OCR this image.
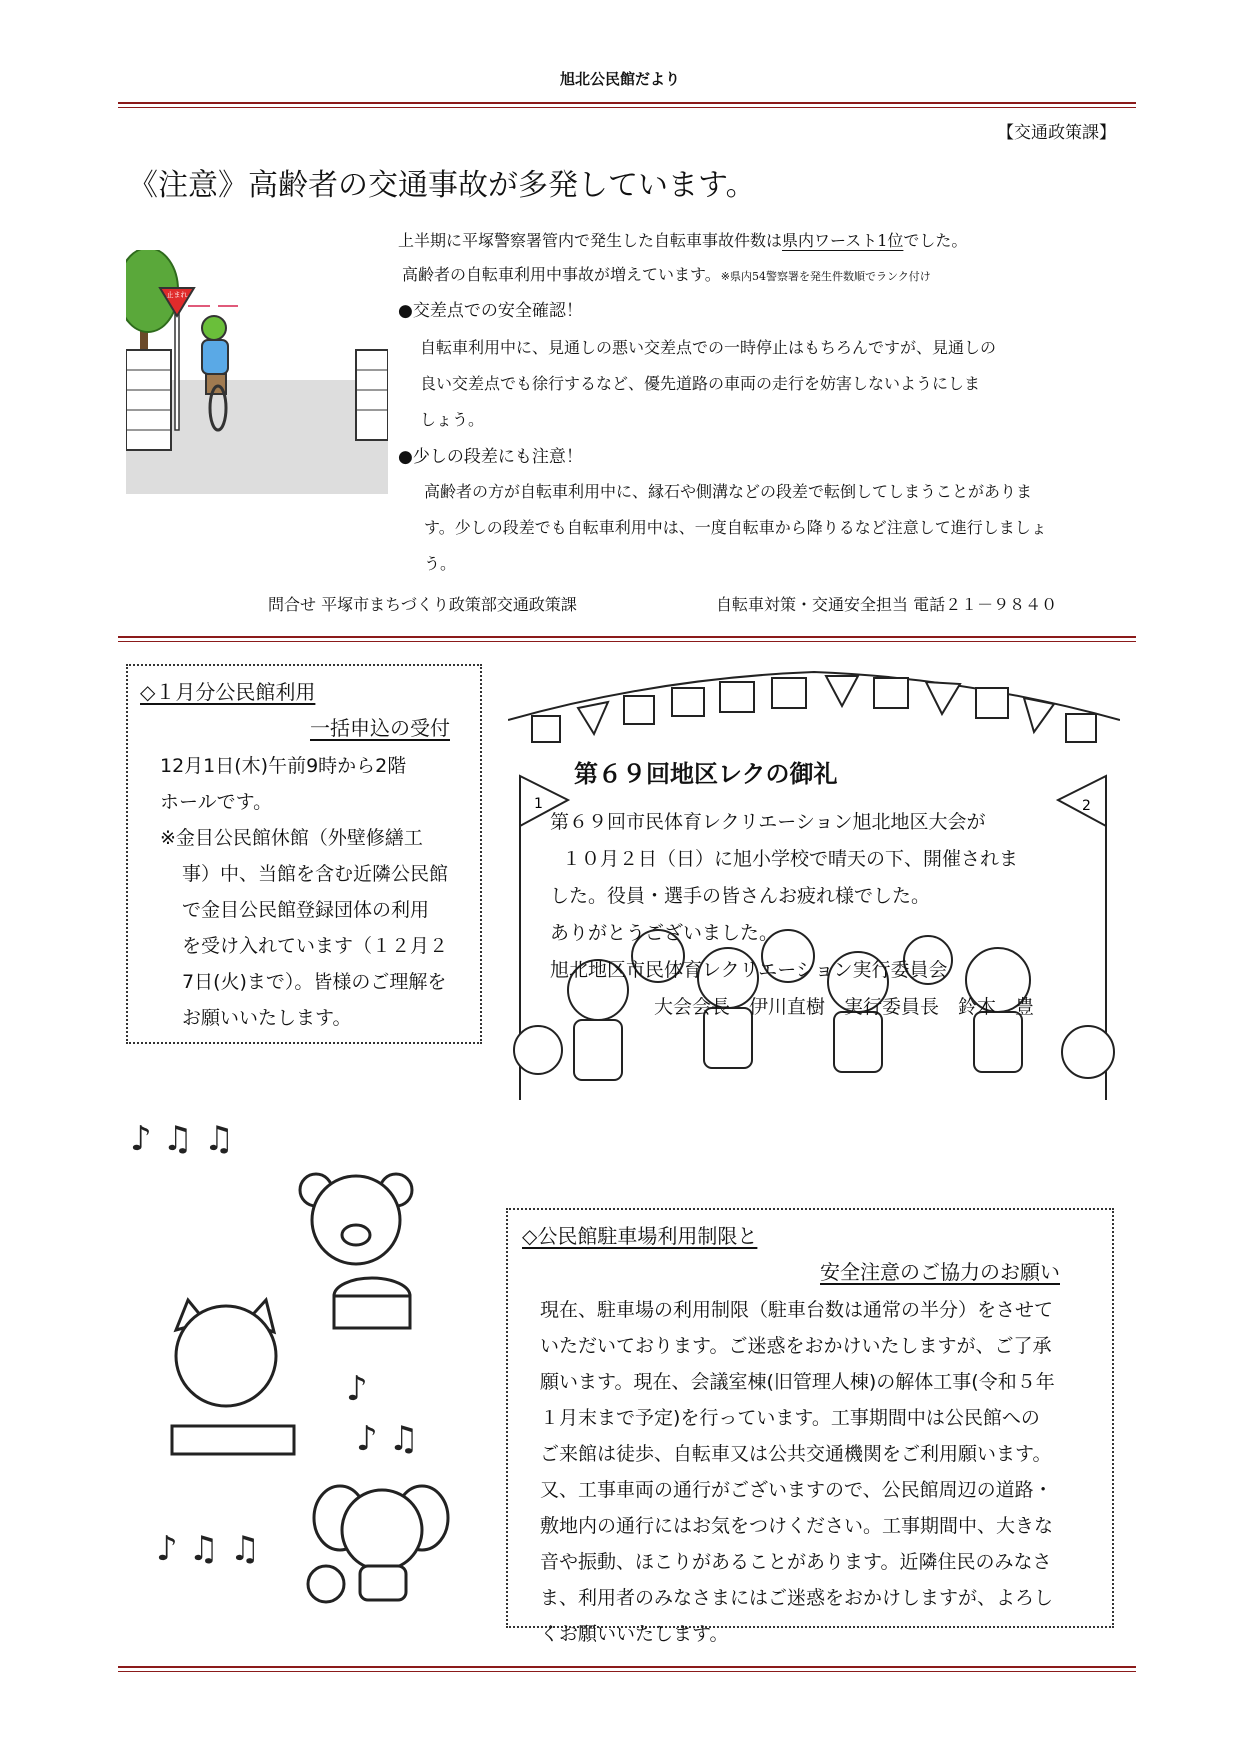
旭北公民館だより
【交通政策課】
《注意》高齢者の交通事故が多発しています。
止まれ
上半期に平塚警察署管内で発生した自転車事故件数は県内ワースト1位でした。
高齢者の自転車利用中事故が増えています。※県内54警察署を発生件数順でランク付け
●交差点での安全確認！
自転車利用中に、見通しの悪い交差点での一時停止はもちろんですが、見通しの
良い交差点でも徐行するなど、優先道路の車両の走行を妨害しないようにしま
しょう。
●少しの段差にも注意！
高齢者の方が自転車利用中に、縁石や側溝などの段差で転倒してしまうことがありま
す。少しの段差でも自転車利用中は、一度自転車から降りるなど注意して進行しましょ
う。
問合せ 平塚市まちづくり政策部交通政策課	自転車対策・交通安全担当 電話２１－９８４０
◇１月分公民館利用
一括申込の受付
12月1日(木)午前9時から2階
ホールです。
※金目公民館休館（外壁修繕工
事）中、当館を含む近隣公民館
で金目公民館登録団体の利用
を受け入れています（１２月２
7日(火)まで）。皆様のご理解を
お願いいたします。
1	2
第６９回地区レクの御礼
第６９回市民体育レクリエーション旭北地区大会が
１０月２日（日）に旭小学校で晴天の下、開催されま
した。役員・選手の皆さんお疲れ様でした。
ありがとうございました。
旭北地区市民体育レクリエーション実行委員会
大会会長　伊川直樹　実行委員長　鈴木　豊
♪ ♫ ♫
♪
♪ ♫
♪ ♫ ♫
◇公民館駐車場利用制限と
安全注意のご協力のお願い
現在、駐車場の利用制限（駐車台数は通常の半分）をさせて
いただいております。ご迷惑をおかけいたしますが、ご了承
願います。現在、会議室棟(旧管理人棟)の解体工事(令和５年
１月末まで予定)を行っています。工事期間中は公民館への
ご来館は徒歩、自転車又は公共交通機関をご利用願います。
又、工事車両の通行がございますので、公民館周辺の道路・
敷地内の通行にはお気をつけください。工事期間中、大きな
音や振動、ほこりがあることがあります。近隣住民のみなさ
ま、利用者のみなさまにはご迷惑をおかけしますが、よろし
くお願いいたします。
